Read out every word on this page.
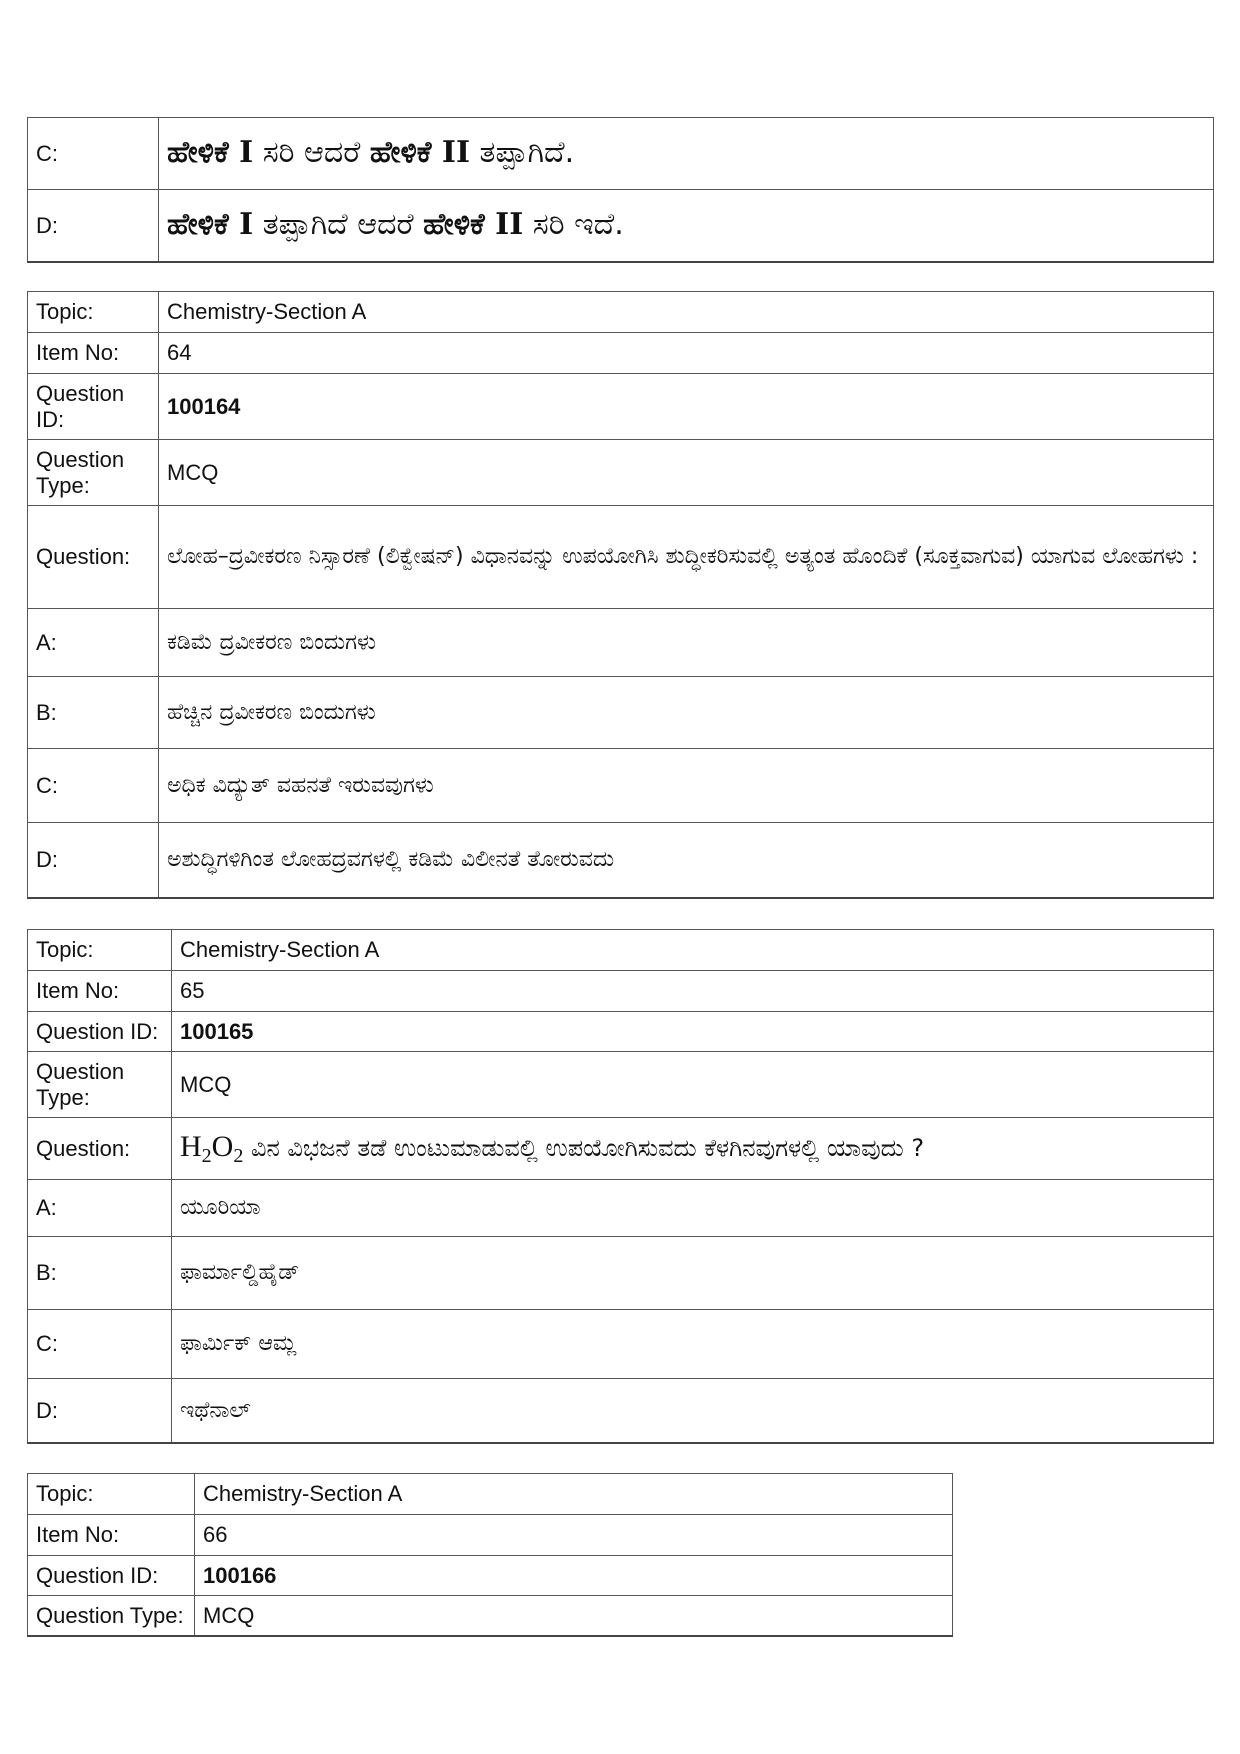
C:	ಹೇಳಿಕೆ I ಸರಿ ಆದರೆ ಹೇಳಿಕೆ II ತಪ್ಪಾಗಿದೆ.
D:	ಹೇಳಿಕೆ I ತಪ್ಪಾಗಿದೆ ಆದರೆ ಹೇಳಿಕೆ II ಸರಿ ಇದೆ.
Topic:	Chemistry-Section A
Item No:	64
Question ID:	100164
Question Type:	MCQ
Question:	ಲೋಹ–ದ್ರವೀಕರಣ ನಿಸ್ಸಾರಣೆ (ಲಿಕ್ವೇಷನ್) ವಿಧಾನವನ್ನು ಉಪಯೋಗಿಸಿ ಶುದ್ಧೀಕರಿಸುವಲ್ಲಿ ಅತ್ಯಂತ ಹೊಂದಿಕೆ (ಸೂಕ್ತವಾಗುವ) ಯಾಗುವ ಲೋಹಗಳು :
A:	ಕಡಿಮೆ ದ್ರವೀಕರಣ ಬಿಂದುಗಳು
B:	ಹೆಚ್ಚಿನ ದ್ರವೀಕರಣ ಬಿಂದುಗಳು
C:	ಅಧಿಕ ವಿದ್ಯುತ್ ವಹನತೆ ಇರುವವುಗಳು
D:	ಅಶುದ್ಧಿಗಳಿಗಿಂತ ಲೋಹದ್ರವಗಳಲ್ಲಿ ಕಡಿಮೆ ವಿಲೀನತೆ ತೋರುವದು
Topic:	Chemistry-Section A
Item No:	65
Question ID:	100165
Question Type:	MCQ
Question:	$H_2O_2$ ವಿನ ವಿಭಜನೆ ತಡೆ ಉಂಟುಮಾಡುವಲ್ಲಿ ಉಪಯೋಗಿಸುವದು ಕೆಳಗಿನವುಗಳಲ್ಲಿ ಯಾವುದು ?
A:	ಯೂರಿಯಾ
B:	ಫಾರ್ಮಾಲ್ಡಿಹೈಡ್
C:	ಫಾರ್ಮಿಕ್ ಆಮ್ಲ
D:	ಇಥೆನಾಲ್
Topic:	Chemistry-Section A
Item No:	66
Question ID:	100166
Question Type:	MCQ
